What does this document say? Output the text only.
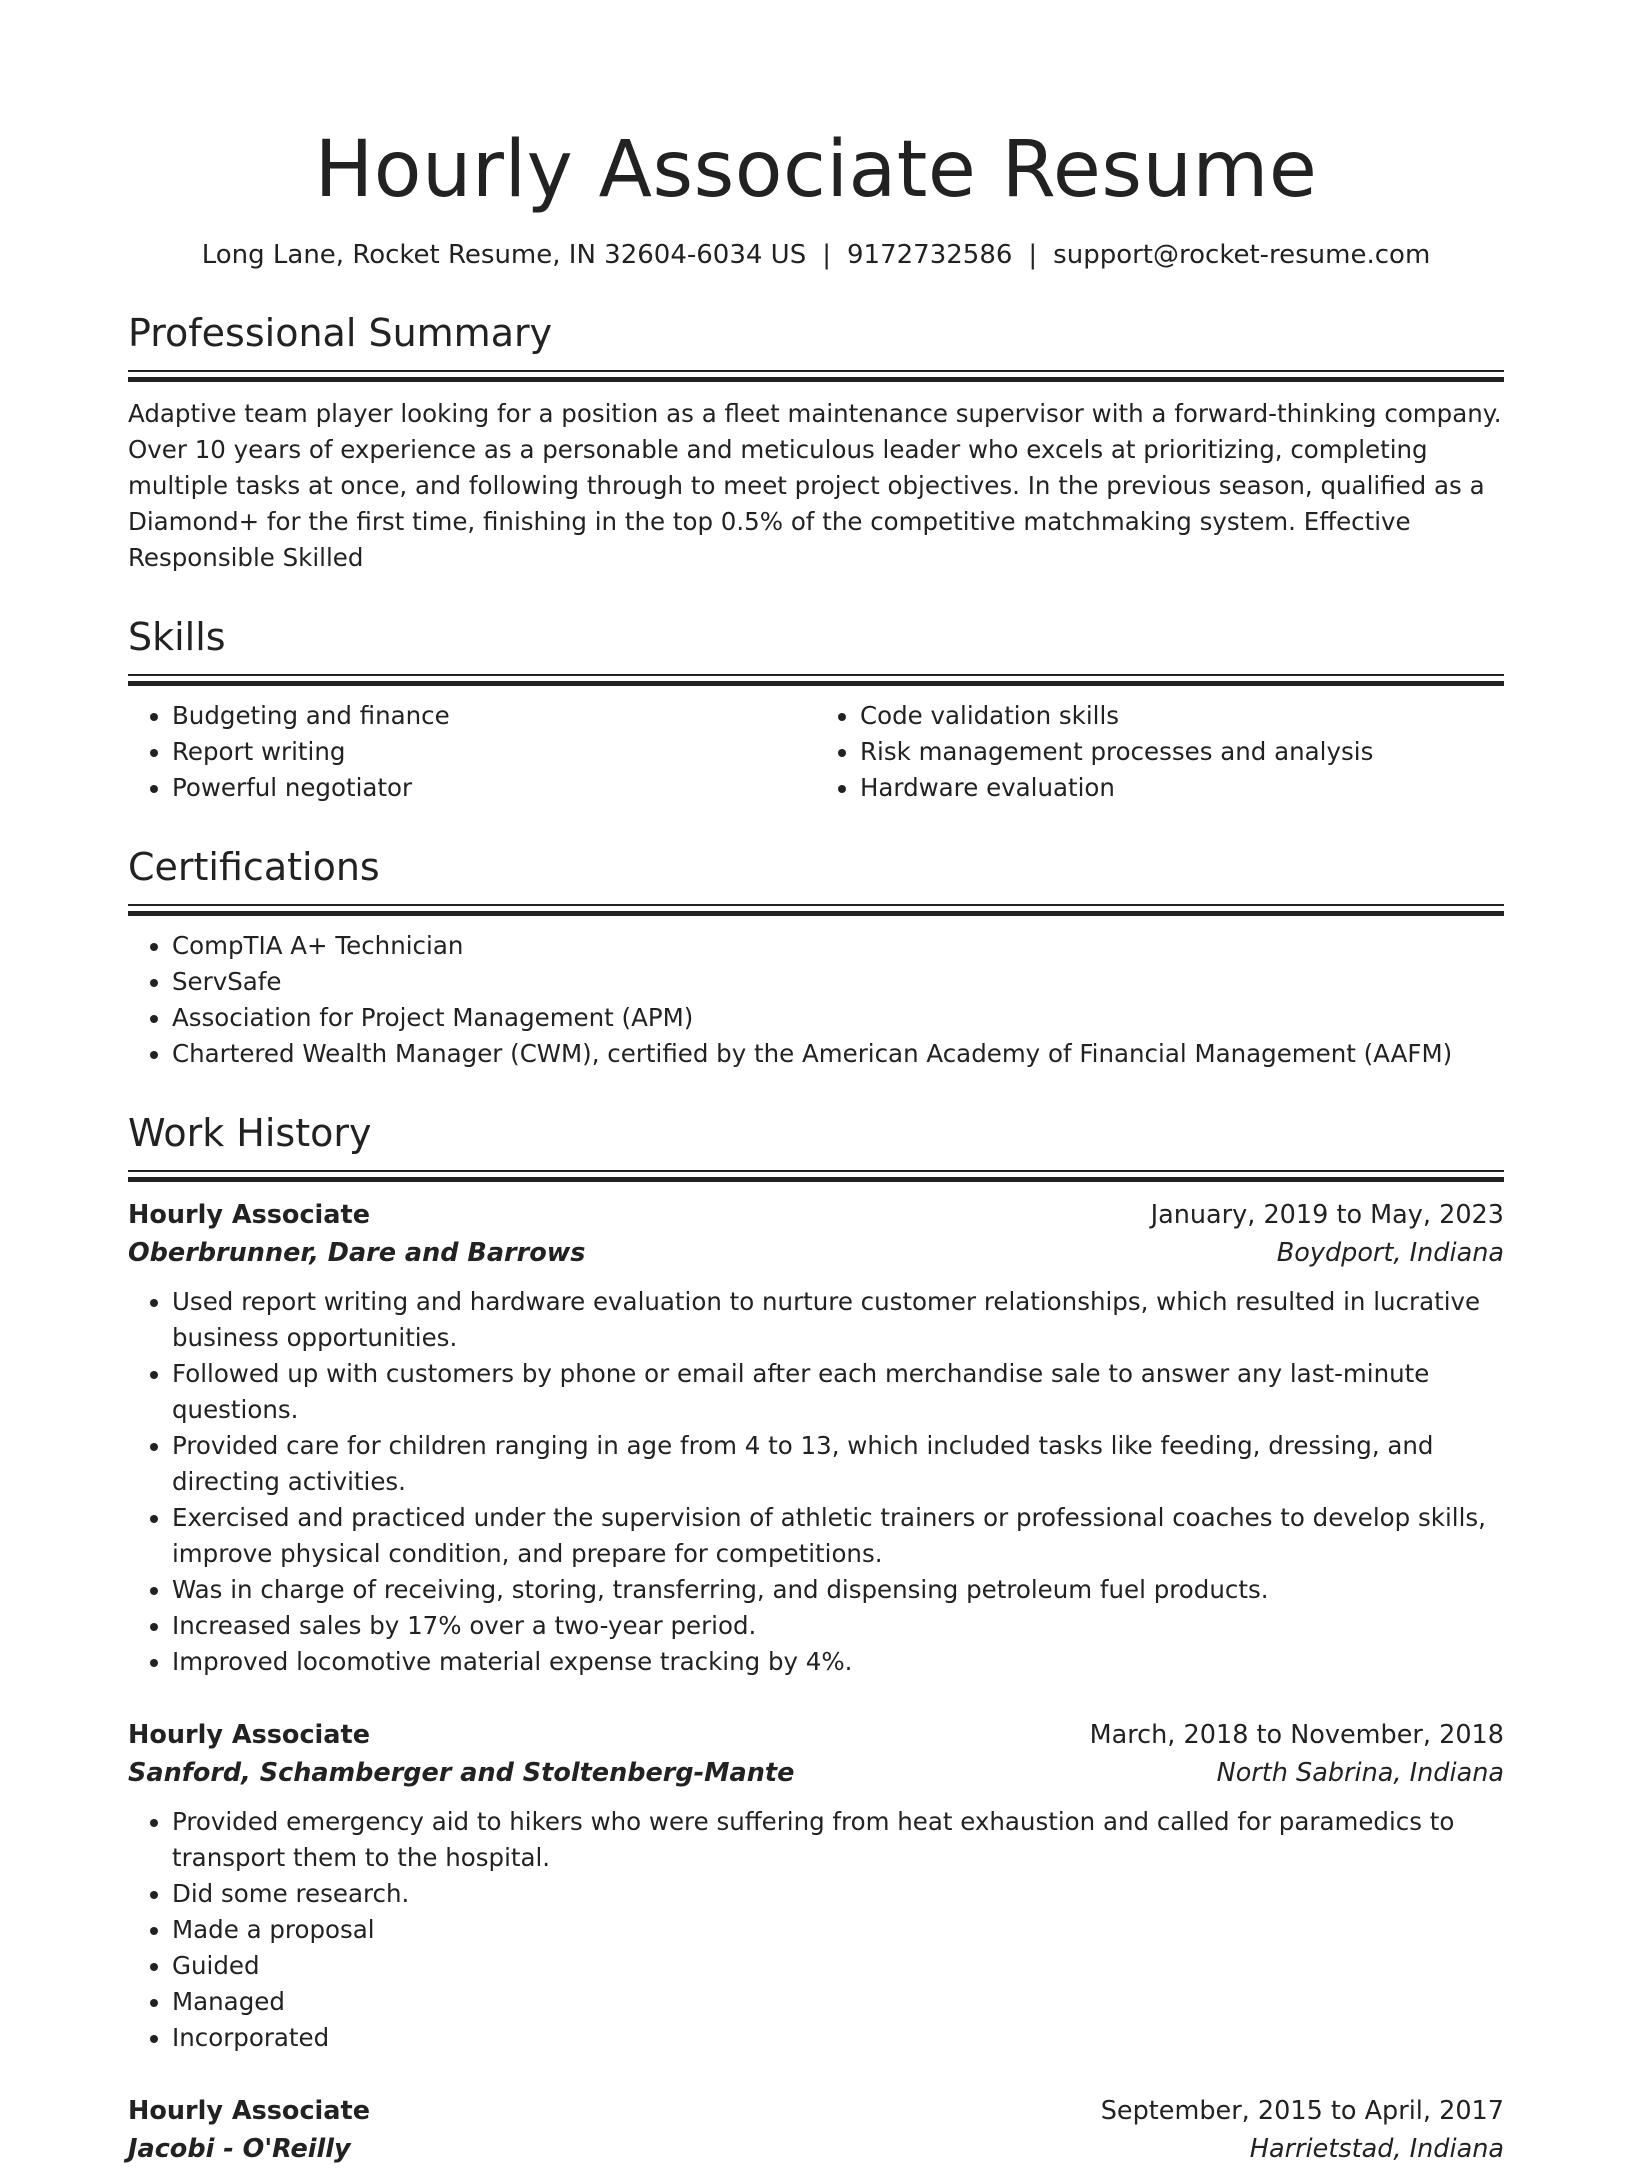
Hourly Associate Resume
Long Lane, Rocket Resume, IN 32604-6034 US | 9172732586 | support@rocket-resume.com
Professional Summary

Adaptive team player looking for a position as a fleet maintenance supervisor with a forward-thinking company. Over 10 years of experience as a personable and meticulous leader who excels at prioritizing, completing multiple tasks at once, and following through to meet project objectives. In the previous season, qualified as a Diamond+ for the first time, finishing in the top 0.5% of the competitive matchmaking system. Effective Responsible Skilled

Skills
• Budgeting and finance
• Report writing
• Powerful negotiator
• Code validation skills
• Risk management processes and analysis
• Hardware evaluation
Certifications
• CompTIA A+ Technician
• ServSafe
• Association for Project Management (APM)
• Chartered Wealth Manager (CWM), certified by the American Academy of Financial Management (AAFM)
Work History
Hourly Associate	January, 2019 to May, 2023
Oberbrunner, Dare and Barrows	Boydport, Indiana
• Used report writing and hardware evaluation to nurture customer relationships, which resulted in lucrative business opportunities.
• Followed up with customers by phone or email after each merchandise sale to answer any last-minute questions.
• Provided care for children ranging in age from 4 to 13, which included tasks like feeding, dressing, and directing activities.
• Exercised and practiced under the supervision of athletic trainers or professional coaches to develop skills, improve physical condition, and prepare for competitions.
• Was in charge of receiving, storing, transferring, and dispensing petroleum fuel products.
• Increased sales by 17% over a two-year period.
• Improved locomotive material expense tracking by 4%.
Hourly Associate	March, 2018 to November, 2018
Sanford, Schamberger and Stoltenberg-Mante	North Sabrina, Indiana
• Provided emergency aid to hikers who were suffering from heat exhaustion and called for paramedics to transport them to the hospital.
• Did some research.
• Made a proposal
• Guided
• Managed
• Incorporated
Hourly Associate	September, 2015 to April, 2017
Jacobi - O'Reilly	Harrietstad, Indiana
